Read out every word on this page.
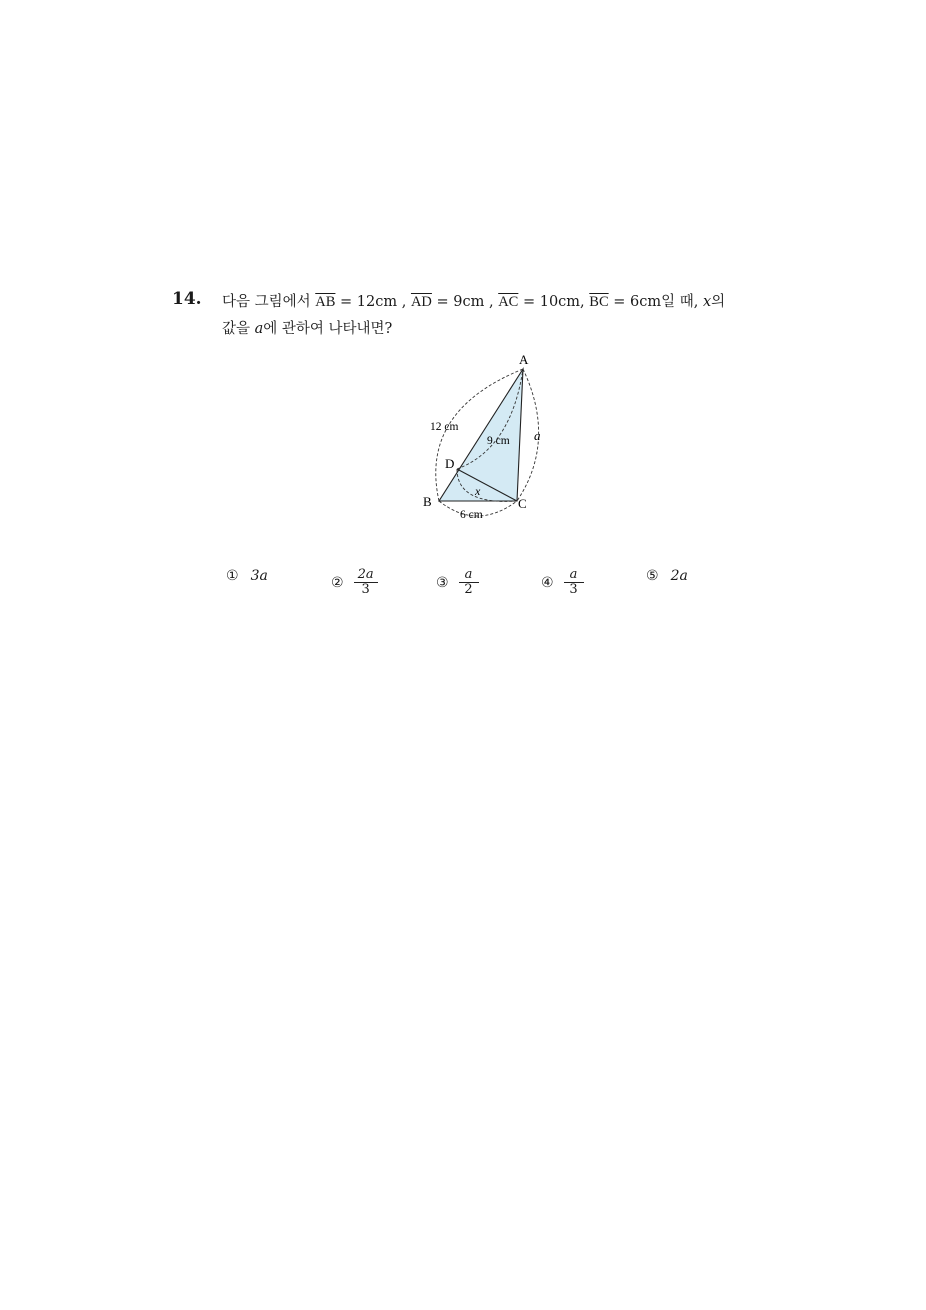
14. 다음 그림에서 $\overline{AB} = 12cm$ , $\overline{AD} = 9cm$ , $\overline{AC} = 10cm$, $\overline{BC} = 6cm$일 때, x의
값을 a에 관하여 나타내면?
A
B	C
D
12 cm
9 cm a
6 cm
x
① 3a	② $\frac{2a}{3}$	③ $\frac{a}{2}$	④ $\frac{a}{3}$	⑤ 2a
